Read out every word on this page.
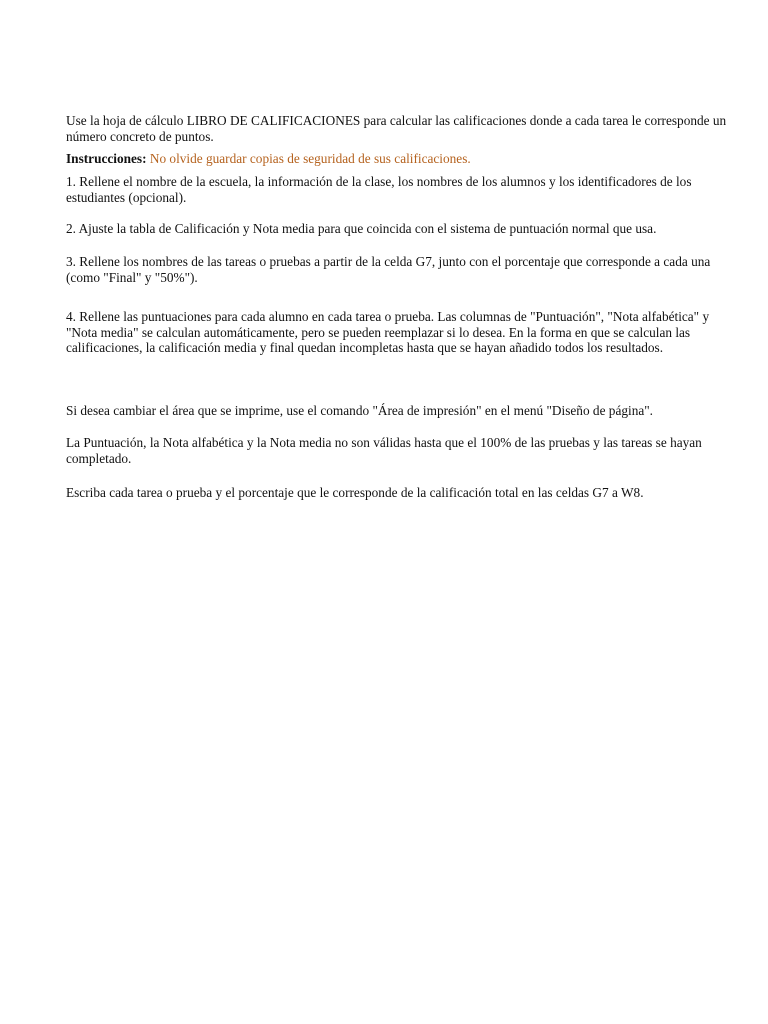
Use la hoja de cálculo LIBRO DE CALIFICACIONES para calcular las calificaciones donde a cada tarea le corresponde un número concreto de puntos.

Instrucciones: No olvide guardar copias de seguridad de sus calificaciones.

1. Rellene el nombre de la escuela, la información de la clase, los nombres de los alumnos y los identificadores de los estudiantes (opcional).

2. Ajuste la tabla de Calificación y Nota media para que coincida con el sistema de puntuación normal que usa.

3. Rellene los nombres de las tareas o pruebas a partir de la celda G7, junto con el porcentaje que corresponde a cada una (como "Final" y "50%").

4. Rellene las puntuaciones para cada alumno en cada tarea o prueba. Las columnas de "Puntuación", "Nota alfabética" y "Nota media" se calculan automáticamente, pero se pueden reemplazar si lo desea. En la forma en que se calculan las calificaciones, la calificación media y final quedan incompletas hasta que se hayan añadido todos los resultados.

Si desea cambiar el área que se imprime, use el comando "Área de impresión" en el menú "Diseño de página".

La Puntuación, la Nota alfabética y la Nota media no son válidas hasta que el 100% de las pruebas y las tareas se hayan completado.

Escriba cada tarea o prueba y el porcentaje que le corresponde de la calificación total en las celdas G7 a W8.
